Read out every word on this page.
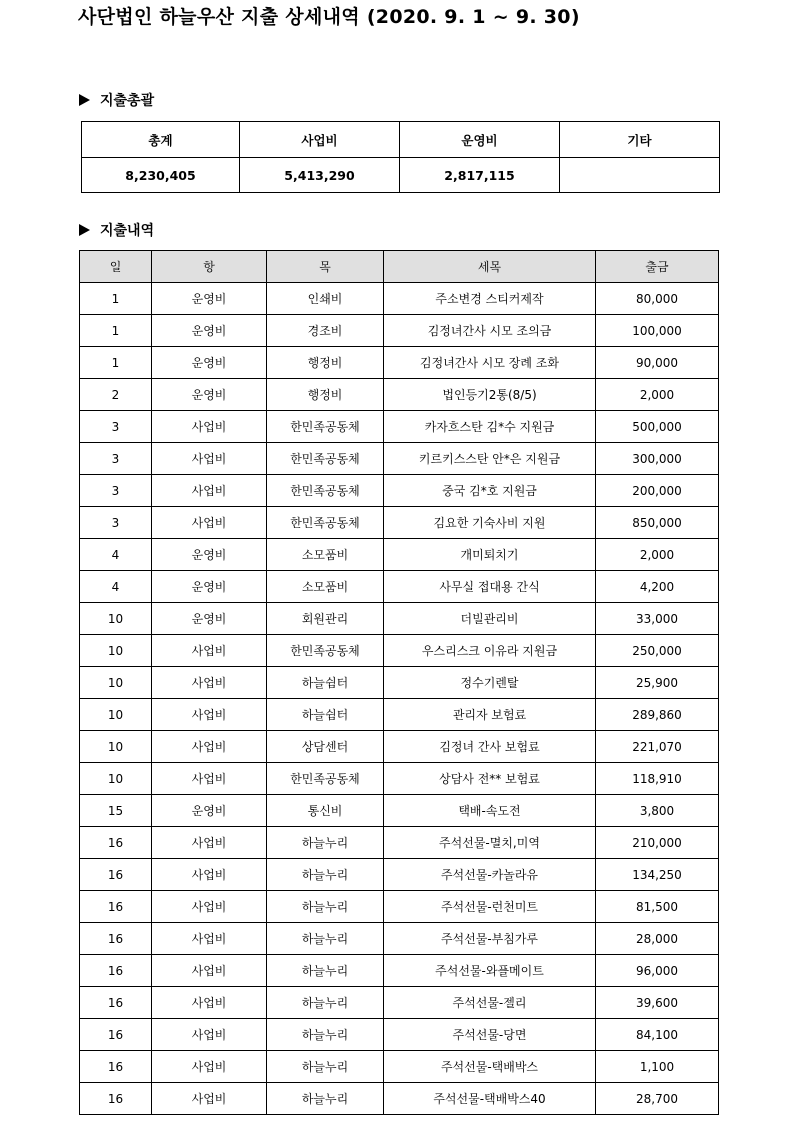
사단법인 하늘우산 지출 상세내역 (2020. 9. 1 ~ 9. 30)
지출총괄
총계	사업비	운영비	기타
8,230,405	5,413,290	2,817,115	
지출내역
일	항	목	세목	출금
1	운영비	인쇄비	주소변경 스티커제작	80,000
1	운영비	경조비	김정녀간사 시모 조의금	100,000
1	운영비	행정비	김정녀간사 시모 장례 조화	90,000
2	운영비	행정비	법인등기2통(8/5)	2,000
3	사업비	한민족공동체	카자흐스탄 김*수 지원금	500,000
3	사업비	한민족공동체	키르키스스탄 안*은 지원금	300,000
3	사업비	한민족공동체	중국 김*호 지원금	200,000
3	사업비	한민족공동체	김요한 기숙사비 지원	850,000
4	운영비	소모품비	개미퇴치기	2,000
4	운영비	소모품비	사무실 접대용 간식	4,200
10	운영비	회원관리	더빌관리비	33,000
10	사업비	한민족공동체	우스리스크 이유라 지원금	250,000
10	사업비	하늘쉼터	정수기렌탈	25,900
10	사업비	하늘쉼터	관리자 보험료	289,860
10	사업비	상담센터	김정녀 간사 보험료	221,070
10	사업비	한민족공동체	상담사 전** 보험료	118,910
15	운영비	통신비	택배-속도전	3,800
16	사업비	하늘누리	주석선물-멸치,미역	210,000
16	사업비	하늘누리	주석선물-카놀라유	134,250
16	사업비	하늘누리	주석선물-런천미트	81,500
16	사업비	하늘누리	주석선물-부침가루	28,000
16	사업비	하늘누리	주석선물-와플메이트	96,000
16	사업비	하늘누리	주석선물-젤리	39,600
16	사업비	하늘누리	주석선물-당면	84,100
16	사업비	하늘누리	주석선물-택배박스	1,100
16	사업비	하늘누리	주석선물-택배박스40	28,700
